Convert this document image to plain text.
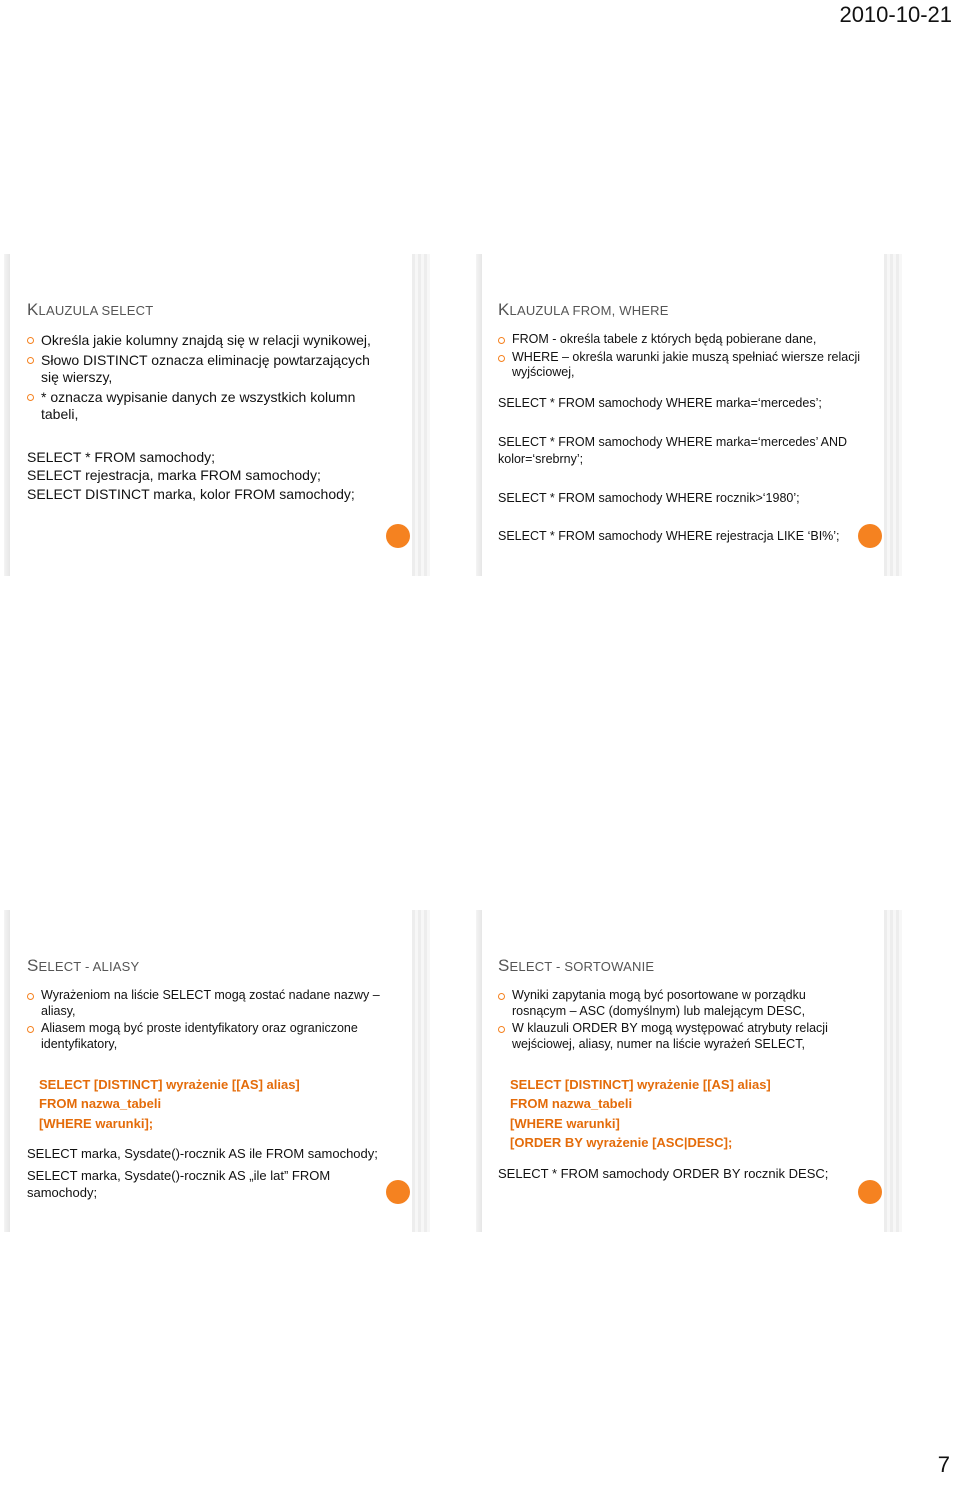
2010-10-21
KLAUZULA SELECT
Określa jakie kolumny znajdą się w relacji wynikowej,
Słowo DISTINCT oznacza eliminację powtarzających się wierszy,
* oznacza wypisanie danych ze wszystkich kolumn tabeli,

SELECT * FROM samochody;

SELECT rejestracja, marka FROM samochody;

SELECT DISTINCT marka, kolor FROM samochody;

KLAUZULA FROM, WHERE
FROM - określa tabele z których będą pobierane dane,
WHERE – określa warunki jakie muszą spełniać wiersze relacji wyjściowej,

SELECT * FROM samochody WHERE marka=‘mercedes’;

SELECT * FROM samochody WHERE marka=‘mercedes’ AND kolor=‘srebrny’;

SELECT * FROM samochody WHERE rocznik>‘1980’;

SELECT * FROM samochody WHERE rejestracja LIKE ‘BI%’;

SELECT - ALIASY
Wyrażeniom na liście SELECT mogą zostać nadane nazwy – aliasy,
Aliasem mogą być proste identyfikatory oraz ograniczone identyfikatory,

SELECT [DISTINCT] wyrażenie [[AS] alias]

FROM nazwa_tabeli

[WHERE warunki];

SELECT marka, Sysdate()-rocznik AS ile FROM samochody;

SELECT marka, Sysdate()-rocznik AS „ile lat” FROM samochody;

SELECT - SORTOWANIE
Wyniki zapytania mogą być posortowane w porządku rosnącym – ASC (domyślnym) lub malejącym DESC,
W klauzuli ORDER BY mogą występować atrybuty relacji wejściowej, aliasy, numer na liście wyrażeń SELECT,

SELECT [DISTINCT] wyrażenie [[AS] alias]

FROM nazwa_tabeli

[WHERE warunki]

[ORDER BY wyrażenie [ASC|DESC];

SELECT * FROM samochody ORDER BY rocznik DESC;

7
